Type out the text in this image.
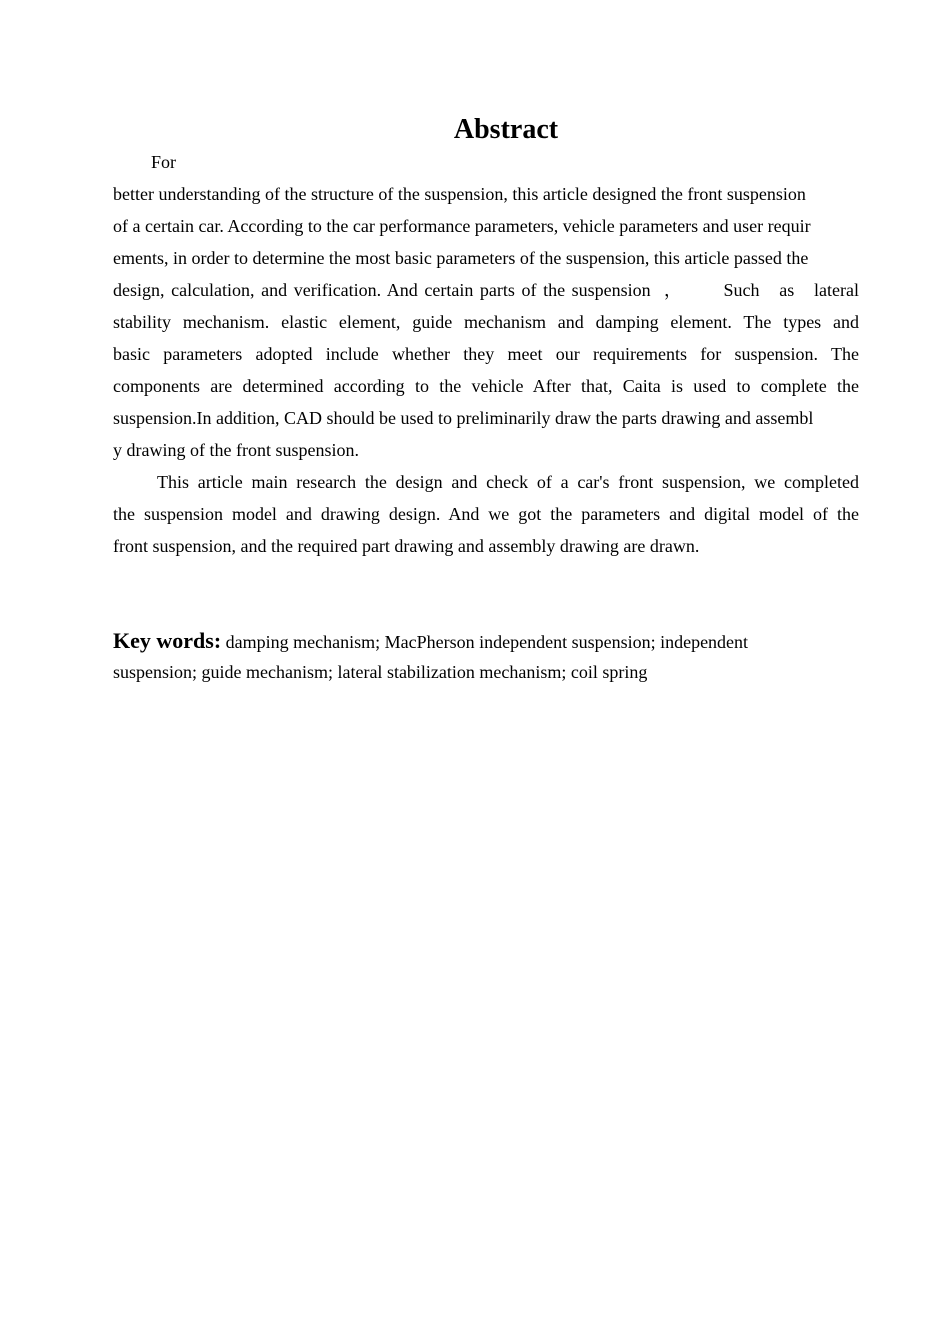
Abstract
For
better understanding of the structure of the suspension, this article designed the front suspension
of a certain car. According to the car performance parameters, vehicle parameters and user requir
ements, in order to determine the most basic parameters of the suspension, this article passed the
design, calculation, and verification. And certain parts of the suspension  ，      Such   as   lateral
stability mechanism. elastic element, guide mechanism and damping element. The types and
basic parameters adopted include whether they meet our requirements for suspension. The
components are determined according to the vehicle After that, Caita is used to complete the
suspension.In addition, CAD should be used to preliminarily draw the parts drawing and assembl
y drawing of the front suspension.
This article main research the design and check of a car's front suspension, we completed
the suspension model and drawing design. And we got the parameters and digital model of the
front suspension, and the required part drawing and assembly drawing are drawn.
Key words: damping mechanism; MacPherson independent suspension; independent
suspension; guide mechanism; lateral stabilization mechanism; coil spring
